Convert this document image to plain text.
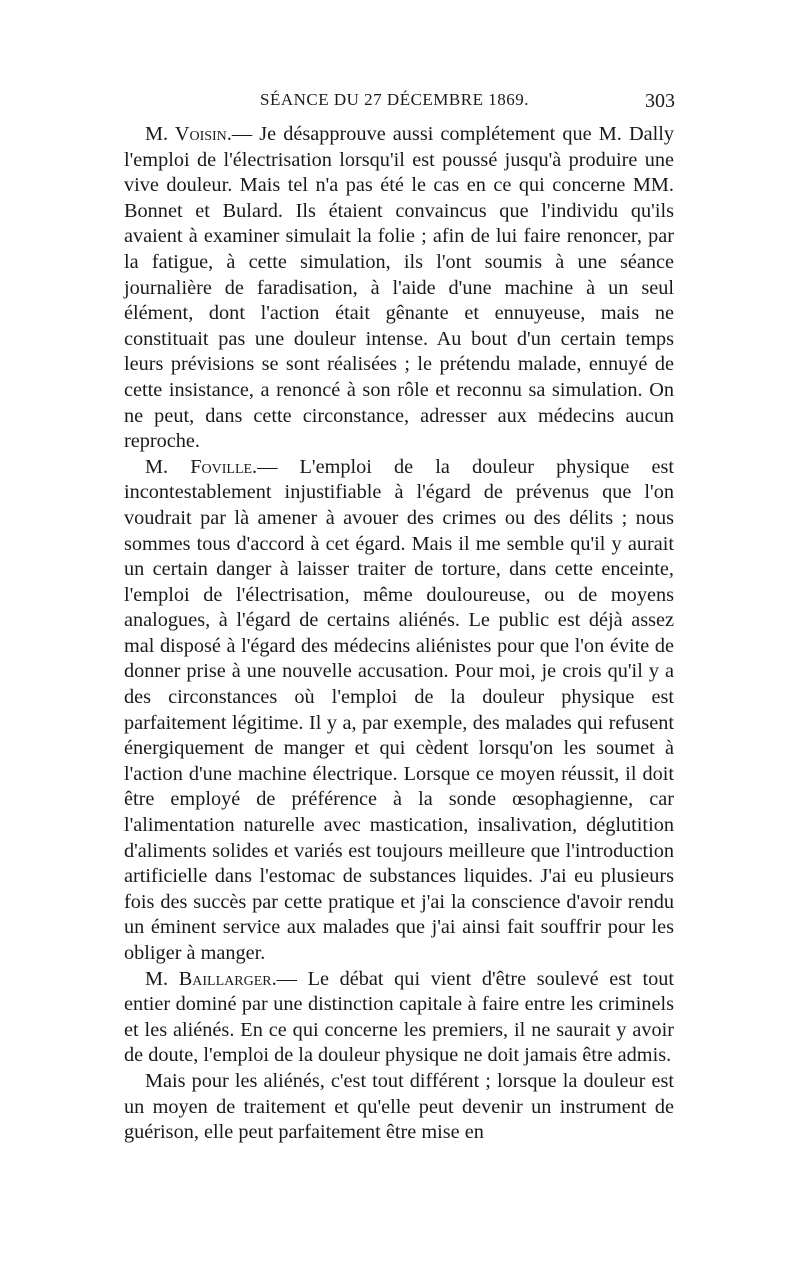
SÉANCE DU 27 DÉCEMBRE 1869.	303

M. Voisin.— Je désapprouve aussi complétement que M. Dally l'emploi de l'électrisation lorsqu'il est poussé jusqu'à produire une vive douleur. Mais tel n'a pas été le cas en ce qui concerne MM. Bonnet et Bulard. Ils étaient convaincus que l'individu qu'ils avaient à examiner simulait la folie ; afin de lui faire renoncer, par la fatigue, à cette simulation, ils l'ont soumis à une séance journalière de faradisation, à l'aide d'une machine à un seul élément, dont l'action était gênante et ennuyeuse, mais ne constituait pas une douleur intense. Au bout d'un certain temps leurs prévisions se sont réalisées ; le prétendu malade, ennuyé de cette insistance, a renoncé à son rôle et reconnu sa simulation. On ne peut, dans cette circonstance, adresser aux médecins aucun reproche.

M. Foville.— L'emploi de la douleur physique est incontestablement injustifiable à l'égard de prévenus que l'on voudrait par là amener à avouer des crimes ou des délits ; nous sommes tous d'accord à cet égard. Mais il me semble qu'il y aurait un certain danger à laisser traiter de torture, dans cette enceinte, l'emploi de l'électrisation, même douloureuse, ou de moyens analogues, à l'égard de certains aliénés. Le public est déjà assez mal disposé à l'égard des médecins aliénistes pour que l'on évite de donner prise à une nouvelle accusation. Pour moi, je crois qu'il y a des circonstances où l'emploi de la douleur physique est parfaitement légitime. Il y a, par exemple, des malades qui refusent énergiquement de manger et qui cèdent lorsqu'on les soumet à l'action d'une machine électrique. Lorsque ce moyen réussit, il doit être employé de préférence à la sonde œsophagienne, car l'alimentation naturelle avec mastication, insalivation, déglutition d'aliments solides et variés est toujours meilleure que l'introduction artificielle dans l'estomac de substances liquides. J'ai eu plusieurs fois des succès par cette pratique et j'ai la conscience d'avoir rendu un éminent service aux malades que j'ai ainsi fait souffrir pour les obliger à manger.

M. Baillarger.— Le débat qui vient d'être soulevé est tout entier dominé par une distinction capitale à faire entre les criminels et les aliénés. En ce qui concerne les premiers, il ne saurait y avoir de doute, l'emploi de la douleur physique ne doit jamais être admis.

Mais pour les aliénés, c'est tout différent ; lorsque la douleur est un moyen de traitement et qu'elle peut devenir un instrument de guérison, elle peut parfaitement être mise en
